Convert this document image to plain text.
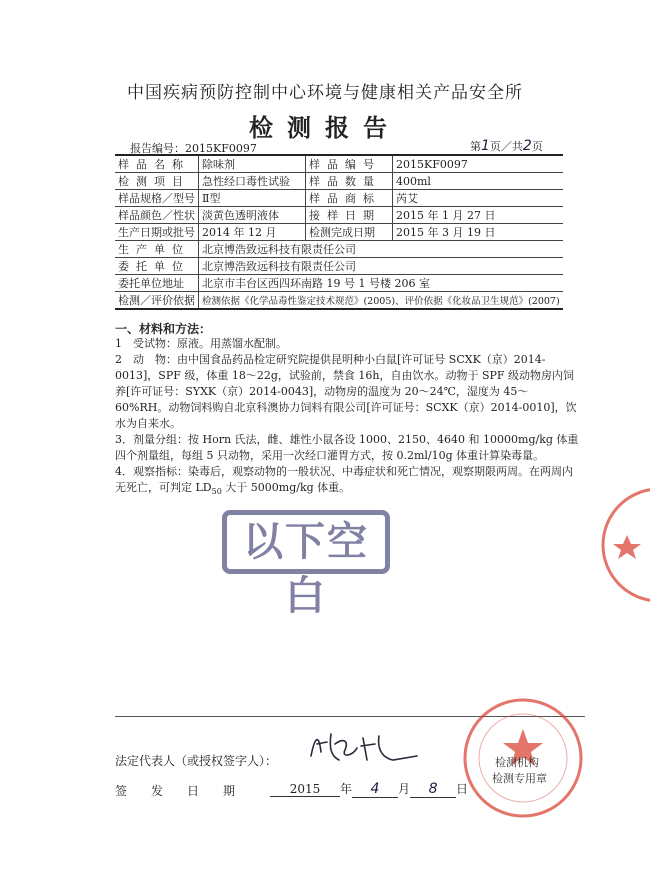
中国疾病预防控制中心环境与健康相关产品安全所
检测报告
报告编号：2015KF0097	第1页／共2页
样品名称	除味剂	样品编号	2015KF0097
检测项目	急性经口毒性试验	样品数量	400ml
样品规格／型号	Ⅱ型	样品商标	芮艾
样品颜色／性状	淡黄色透明液体	接样日期	2015 年 1 月 27 日
生产日期或批号	2014 年 12 月	检测完成日期	2015 年 3 月 19 日
生产单位	北京博浩致远科技有限责任公司		
委托单位	北京博浩致远科技有限责任公司		
委托单位地址	北京市丰台区西四环南路 19 号 1 号楼 206 室		
检测／评价依据	检测依据《化学品毒性鉴定技术规范》(2005)、评价依据《化妆品卫生规范》(2007)		
一、材料和方法：
1　受试物：原液。用蒸馏水配制。
2　动　物：由中国食品药品检定研究院提供昆明种小白鼠[许可证号 SCXK（京）2014-0013]，SPF 级，体重 18～22g，试验前，禁食 16h，自由饮水。动物于 SPF 级动物房内饲养[许可证号：SYXK（京）2014-0043]，动物房的温度为 20～24℃，湿度为 45～60%RH。动物饲料购自北京科澳协力饲料有限公司[许可证号：SCXK（京）2014-0010]，饮水为自来水。
3．剂量分组：按 Horn 氏法，雌、雄性小鼠各设 1000、2150、4640 和 10000mg/kg 体重四个剂量组，每组 5 只动物，采用一次经口灌胃方式，按 0.2ml/10g 体重计算染毒量。
4．观察指标：染毒后，观察动物的一般状况、中毒症状和死亡情况，观察期限两周。在两周内无死亡，可判定 $LD_{50}$ 大于 5000mg/kg 体重。
以下空白
法定代表人（或授权签字人）：
签发日期	2015 年 4 月 8 日
检测机构
检测专用章
